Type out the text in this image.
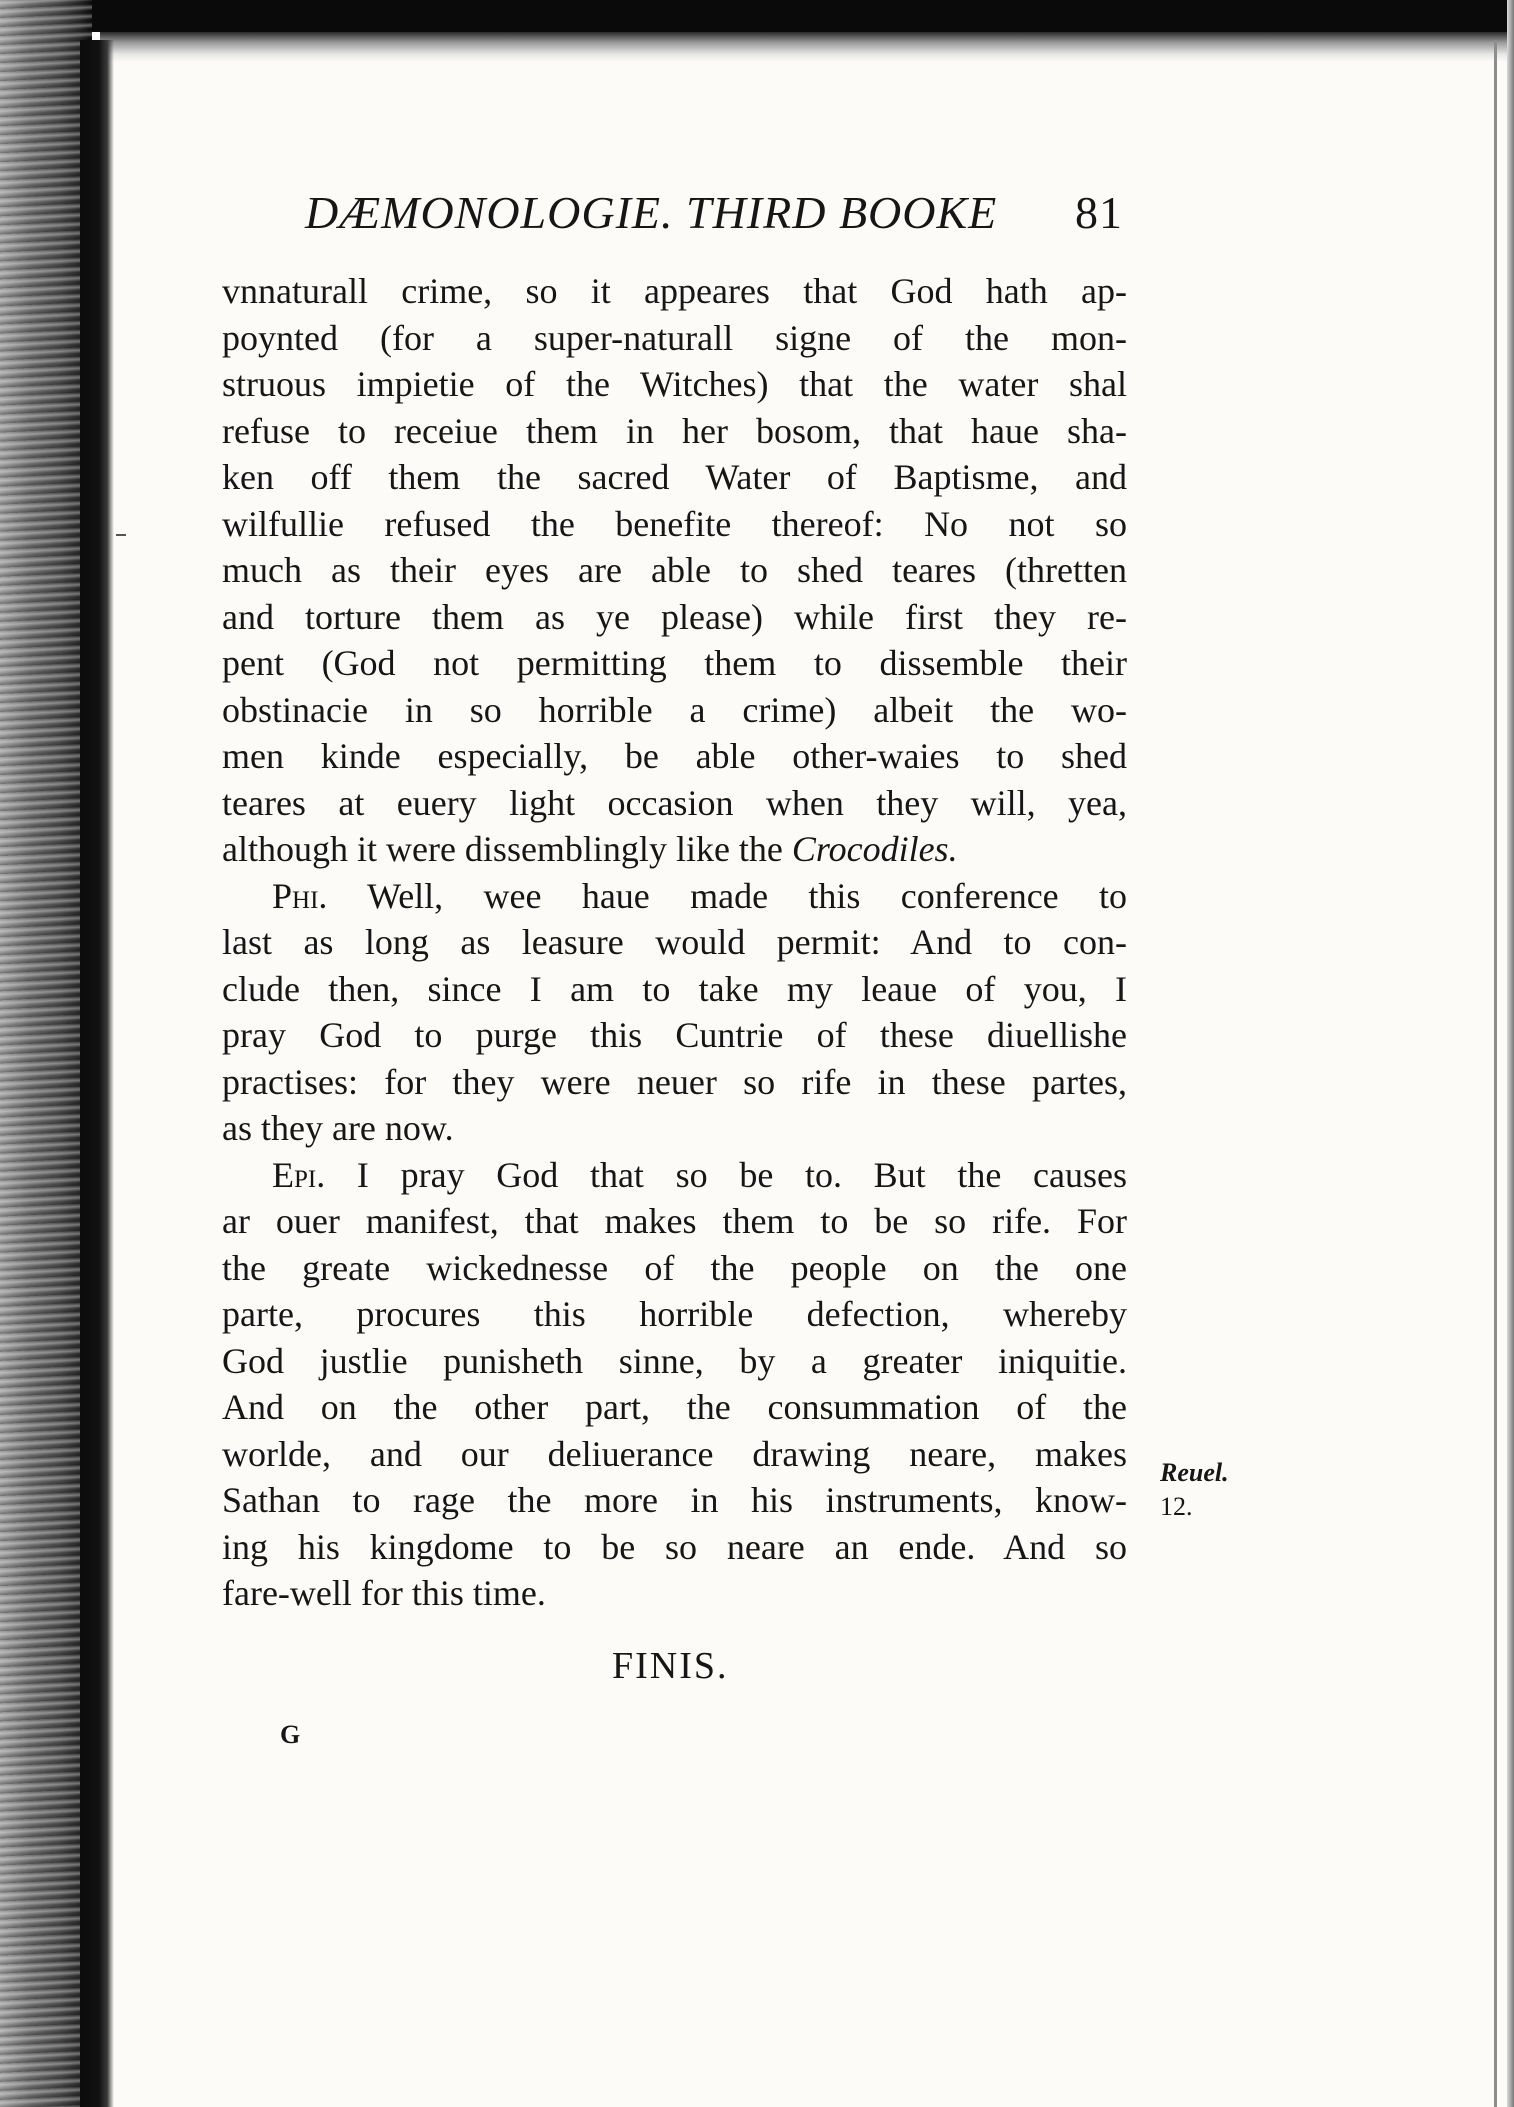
DÆMONOLOGIE. THIRD BOOKE 81
vnnaturall crime, so it appeares that God hath ap-
poynted (for a super-naturall signe of the mon-
struous impietie of the Witches) that the water shal
refuse to receiue them in her bosom, that haue sha-
ken off them the sacred Water of Baptisme, and
wilfullie refused the benefite thereof: No not so
much as their eyes are able to shed teares (thretten
and torture them as ye please) while first they re-
pent (God not permitting them to dissemble their
obstinacie in so horrible a crime) albeit the wo-
men kinde especially, be able other-waies to shed
teares at euery light occasion when they will, yea,
although it were dissemblingly like the Crocodiles.
Phi. Well, wee haue made this conference to
last as long as leasure would permit: And to con-
clude then, since I am to take my leaue of you, I
pray God to purge this Cuntrie of these diuellishe
practises: for they were neuer so rife in these partes,
as they are now.
Epi. I pray God that so be to. But the causes
ar ouer manifest, that makes them to be so rife. For
the greate wickednesse of the people on the one
parte, procures this horrible defection, whereby
God justlie punisheth sinne, by a greater iniquitie.
And on the other part, the consummation of the
worlde, and our deliuerance drawing neare, makes
Sathan to rage the more in his instruments, know-
ing his kingdome to be so neare an ende. And so
fare-well for this time.
Reuel.
12.
FINIS.
G
